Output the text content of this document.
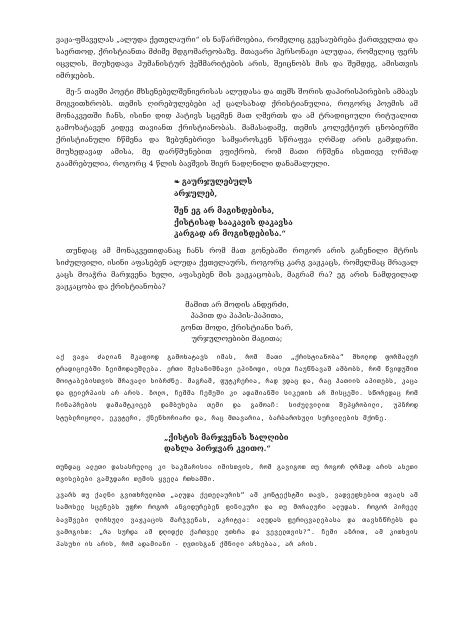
ვაჟა-ფშაველას „ალუდა ქეთელაური“ ის ნაწარმოებია, რომელიც გვესაუბრება ქართველთა და საერთოდ, ქრისტიანთა მძიმე მდგომარეობაზე. მთავარი პერსონაჟი ალუდაა, რომელიც ფერს იცვლის, მიუხედავა ჰუმანისტურ ჭეშმარიტების არის, შეიცნობს მის და შემდეგ, ამისთვის იმრჯების.

მე-5 თავში პოეტი მხსენებელშენიერისას ალუდასა და თემს შორის დაპირისპირების ამბავს მოგვითხრობს. თემის ღირებულებები აქ ცალსახად ქრისტიანულია, როგორც პოემის ამ მონაკვეთში ჩანს, ისინი დიდ პატივს სცემენ მათ ღმერთს და ამ ტრადიციული რიტუალით გამოხატავენ კიდევ თავიანთ ქრისტიანობას. მამასადამე, თემის კოლექტიურ ცნობიერში ქრისტიანული ჩწმენა და ზებუნებრივი სამყაროსკენ სწრაფვა ღრმად არის გამჯდარი. მიუხედავად ამისა, მე დარწმუნებით ვფიქრობ, რომ მათი რწმენა ისეთივე ღრმად გაამრებულია, როგორც 4 წლის ბავშვის შიერ ნადღნილი დანამალული.

❧ გაურჯულებულს
არჯულებ,
შენ ეგ არ მაგიხდებისა,
ქისტისად სააკავის დაკავსა
კარგად არ მოგიხდებისა.“

თუნდაც ამ მონაკვეთიდანაც ჩანს რომ მათ გონებაში როგორ არის გაჩენილი მტრის სიძულვილი, ისინი აფასებენ ალუდა ქეთელაურს, როგორც კარგ ვაჟკაცს, რომელმაც მრავალ კაცს მოაჭრა მარჯვენა ხელი, აფასებენ მის ვაჟკაცობას, მაგრამ რა? ეგ არის ნამდვილად ვაჟკაცობა და ქრისტიანობა?

მამით არ მოდის ანდერძი,
პაპით და პაპის-პაპითა,
გონთ მოდი, ქრისტიანი ხარ,
ურჯულოებიბი მაგითა;

აქ ვაჟა ძალიან მკაფიოდ გამოხატავს იმას, რომ მათი „ქრისტიანობა“ მხოლოდ ფორმალურ ტრადიციებში ზეიმოდაუშლება. ერთი შესანიშნავი ეპიზოდი, ისეთ ჩაუწნავაშ ამბობს, რომ წვიდუშით მოიტაბებისთვის მრავალი სიბრძნე. მაგრამ, ფუტკრერია, რად ვდაც და, რაც ჰათიის აპითებს, კაცა და ფეიერპაის არ არის. ზოლო, ჩემმა ჩემეში კი ადამიანში სიკეთის არ მისცეში. სწორედაც რომ ჩინაპრების დამამტკიცებ დამბუხება თემი და გამოაჩ: სიძულვილით შეპყრობილი, უპზროდ სტუბლრიცოლი, ეკვტერი, ქნენხორიარი და, რაც მთავარია, ბარბაროსული სურვილების მქონე.

„ქისტის მარჯვენას ხალღიბი
დახლა პირჯვარ კვითო.“

თუნდაც ალეთი დასასრულიც კი საკმარისია იმისთვის, რომ გავიგოთ თუ როგორ ღრმად არის ასეთი თვისებები გამჯდარი თემის ყველა რთხამში.

კვარს თუ ქალნი გვითხრულობთ „ალუდა ქეთელაურის“ ამ კონტექსტში თავს, ვადვეფხებით თვალს ამ სამოსელ სცენებს უფრო როგორ ანგიდურებენ ფიზიკური და თუ მორალური ალუდას. როგორ პირველ ბავშვები ღირსული ვაჟკაცის მარჯვენას, აკრიტვა: ალუდას ფერიცვალებასა და თავსზწრებს და ვამოგისთ: „რა სურდა ამ დღიდქლ ქართველ უთხრა და ვეველთვის?“. ჩემი აზრით, ამ კითხვის პასუხი ის არის, რომ ადამიანი - ღვთისგან ქმნილი არსებაა, არ არის.
